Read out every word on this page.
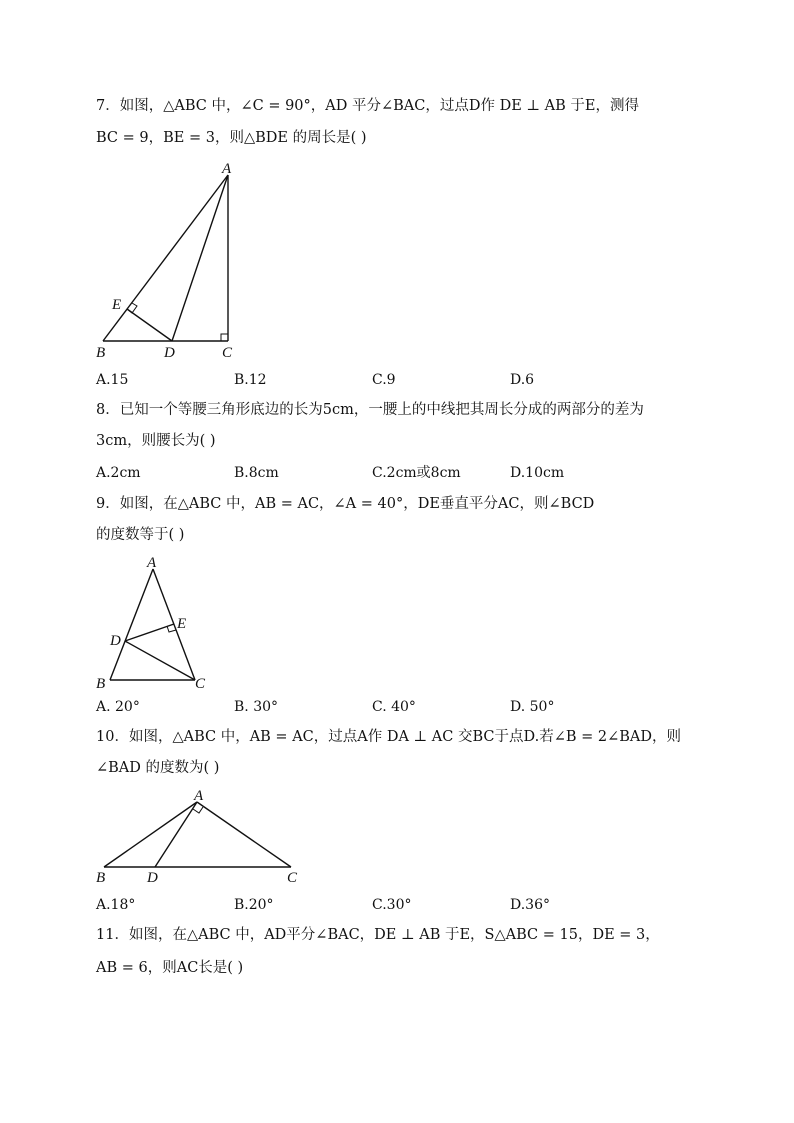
7．如图，△ABC 中，∠C = 90°，AD 平分∠BAC，过点D作 DE ⊥ AB 于E，测得
BC = 9，BE = 3，则△BDE 的周长是( )
A
E
B	D	C
A.15	B.12	C.9	D.6
8．已知一个等腰三角形底边的长为5cm，一腰上的中线把其周长分成的两部分的差为
3cm，则腰长为( )
A.2cm	B.8cm	C.2cm或8cm	D.10cm
9．如图，在△ABC 中，AB = AC，∠A = 40°，DE垂直平分AC，则∠BCD
的度数等于( )
A
E
D
B	C
A. 20°	B. 30°	C. 40°	D. 50°
10．如图，△ABC 中，AB = AC，过点A作 DA ⊥ AC 交BC于点D.若∠B = 2∠BAD，则
∠BAD 的度数为( )
A
B	D	C
A.18°	B.20°	C.30°	D.36°
11．如图，在△ABC 中，AD平分∠BAC，DE ⊥ AB 于E，S△ABC = 15，DE = 3，
AB = 6，则AC长是( )
